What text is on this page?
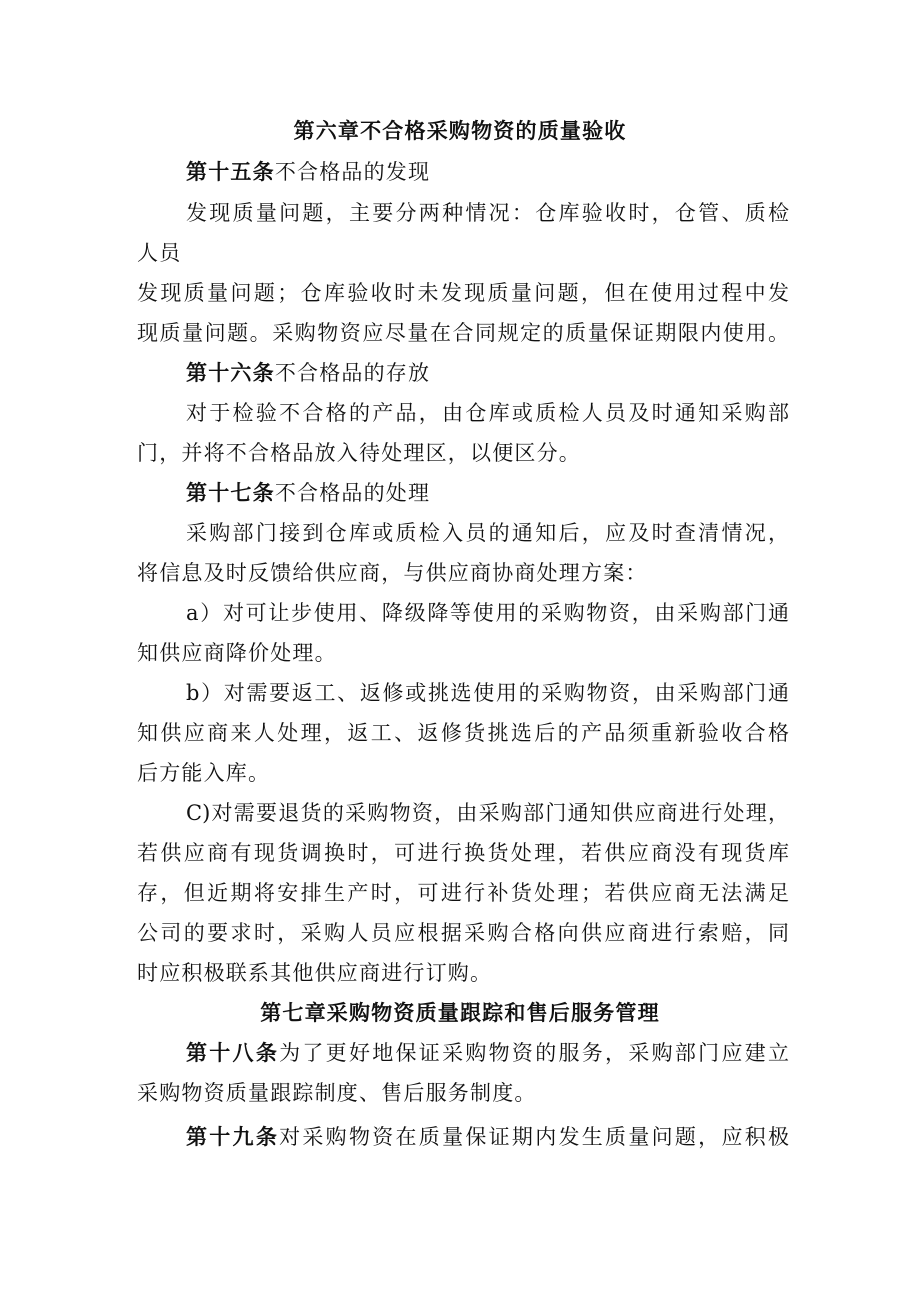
第六章不合格采购物资的质量验收
第十五条不合格品的发现
发现质量问题，主要分两种情况：仓库验收时，仓管、质检
人员
发现质量问题；仓库验收时未发现质量问题，但在使用过程中发
现质量问题。采购物资应尽量在合同规定的质量保证期限内使用。
第十六条不合格品的存放
对于检验不合格的产品，由仓库或质检人员及时通知采购部
门，并将不合格品放入待处理区，以便区分。
第十七条不合格品的处理
采购部门接到仓库或质检入员的通知后，应及时查清情况，
将信息及时反馈给供应商，与供应商协商处理方案：
a）对可让步使用、降级降等使用的采购物资，由采购部门通
知供应商降价处理。
b）对需要返工、返修或挑选使用的采购物资，由采购部门通
知供应商来人处理，返工、返修货挑选后的产品须重新验收合格
后方能入库。
C)对需要退货的采购物资，由采购部门通知供应商进行处理，
若供应商有现货调换时，可进行换货处理，若供应商没有现货库
存，但近期将安排生产时，可进行补货处理；若供应商无法满足
公司的要求时，采购人员应根据采购合格向供应商进行索赔，同
时应积极联系其他供应商进行订购。
第七章采购物资质量跟踪和售后服务管理
第十八条为了更好地保证采购物资的服务，采购部门应建立
采购物资质量跟踪制度、售后服务制度。
第十九条对采购物资在质量保证期内发生质量问题，应积极
